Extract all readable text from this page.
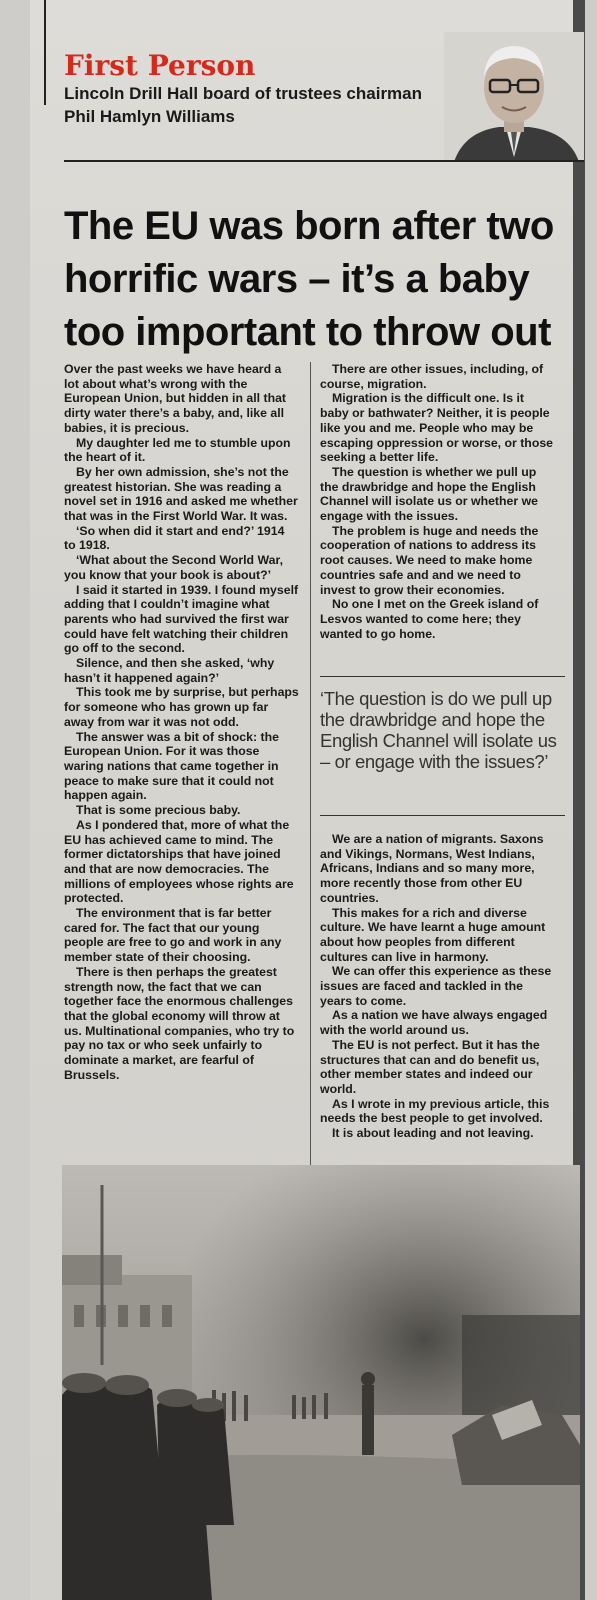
First Person
Lincoln Drill Hall board of trustees chairman
Phil Hamlyn Williams
The EU was born after two
horrific wars – it’s a baby
too important to throw out

Over the past weeks we have heard a lot about what’s wrong with the European Union, but hidden in all that dirty water there’s a baby, and, like all babies, it is precious.

My daughter led me to stumble upon the heart of it.

By her own admission, she’s not the greatest historian. She was reading a novel set in 1916 and asked me whether that was in the First World War. It was.

‘So when did it start and end?’ 1914 to 1918.

‘What about the Second World War, you know that your book is about?’

I said it started in 1939. I found myself adding that I couldn’t imagine what parents who had survived the first war could have felt watching their children go off to the second.

Silence, and then she asked, ‘why hasn’t it happened again?’

This took me by surprise, but perhaps for someone who has grown up far away from war it was not odd.

The answer was a bit of shock: the European Union. For it was those waring nations that came together in peace to make sure that it could not happen again.

That is some precious baby.

As I pondered that, more of what the EU has achieved came to mind. The former dictatorships that have joined and that are now democracies. The millions of employees whose rights are protected.

The environment that is far better cared for. The fact that our young people are free to go and work in any member state of their choosing.

There is then perhaps the greatest strength now, the fact that we can together face the enormous challenges that the global economy will throw at us. Multinational companies, who try to pay no tax or who seek unfairly to dominate a market, are fearful of Brussels.

There are other issues, including, of course, migration.

Migration is the difficult one. Is it baby or bathwater? Neither, it is people like you and me. People who may be escaping oppression or worse, or those seeking a better life.

The question is whether we pull up the drawbridge and hope the English Channel will isolate us or whether we engage with the issues.

The problem is huge and needs the cooperation of nations to address its root causes. We need to make home countries safe and and we need to invest to grow their economies.

No one I met on the Greek island of Lesvos wanted to come here; they wanted to go home.

‘The question is do we pull up the drawbridge and hope the English Channel will isolate us – or engage with the issues?’

We are a nation of migrants. Saxons and Vikings, Normans, West Indians, Africans, Indians and so many more, more recently those from other EU countries.

This makes for a rich and diverse culture. We have learnt a huge amount about how peoples from different cultures can live in harmony.

We can offer this experience as these issues are faced and tackled in the years to come.

As a nation we have always engaged with the world around us.

The EU is not perfect. But it has the structures that can and do benefit us, other member states and indeed our world.

As I wrote in my previous article, this needs the best people to get involved.

It is about leading and not leaving.
